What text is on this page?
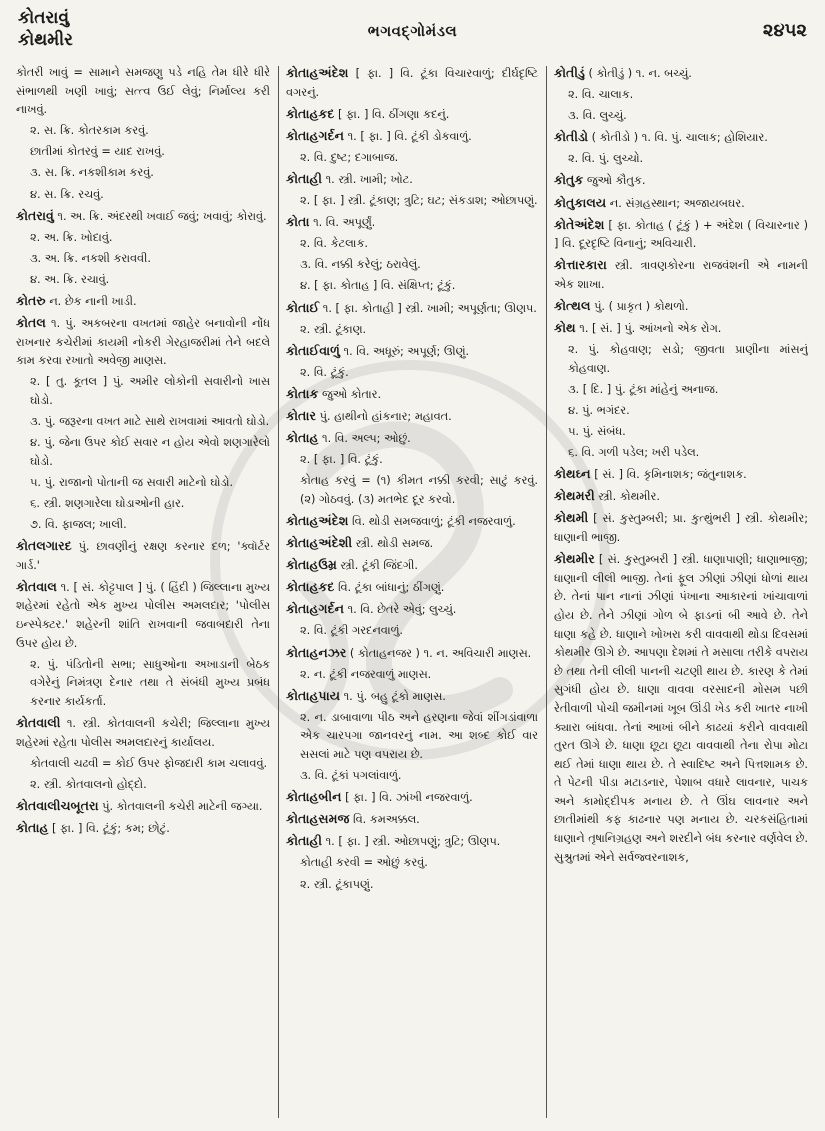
કોતરાવું
કોથમીર	ભગવદ્ગોમંડલ	૨૪૫૨
કોતરી ખાવું = સામાને સમજણુ પડે નહિ તેમ ધીરે ધીરે સંભાળથી ખણી ખાવું; સત્ત્વ ઉઈ લેવું; નિર્માલ્ય કરી નાખવું.
૨. સ. ક્રિ. કોતરકામ કરવું.
છાતીમાં કોતરવું = યાદ રાખવું.
૩. સ. ક્રિ. નકશીકામ કરવું.
૪. સ. ક્રિ. રચવું.
કોતરાવું ૧. અ. ક્રિ. અંદરથી ખવાઈ જવું; ખવાવું; કોરાવું.
૨. અ. ક્રિ. ખોદાવું.
૩. અ. ક્રિ. નકશી કરાવવી.
૪. અ. ક્રિ. રચાવું.
કોતરુ ન. છેક નાની ખાડી.
કોતલ ૧. પું. અકબરના વખતમાં જાહેર બનાવોની નોંધ રાખનાર કચેરીમાં કાયમી નોકરી ગેરહાજરીમાં તેને બદલે કામ કરવા રખાતો અવેજી માણસ.
૨. [ તુ. કૂતલ ] પું. અમીર લોકોની સવારીનો ખાસ ઘોડો.
૩. પું. જરૂરના વખત માટે સાથે રાખવામાં આવતો ઘોડો.
૪. પું. જેના ઉપર કોઈ સવાર ન હોય એવો શણગારેલો ઘોડો.
૫. પું. રાજાનો પોતાની જ સવારી માટેનો ઘોડો.
૬. સ્ત્રી. શણગારેલા ઘોડાઓની હાર.
૭. વિ. ફાજલ; ખાલી.
કોતલગારદ પું. છાવણીનું રક્ષણ કરનાર દળ; 'ક્વૉર્ટર ગાર્ડ.'
કોતવાલ ૧. [ સં. કોટ્ટપાલ ] પું. ( હિંદી ) જિલ્લાના મુખ્ય શહેરમાં રહેતો એક મુખ્ય પોલીસ અમલદાર; 'પોલીસ ઇન્સ્પેક્ટર.' શહેરની શાંતિ રાખવાની જવાબદારી તેના ઉપર હોય છે.
૨. પું. પંડિતોની સભા; સાધુઓના અખાડાની બેઠક વગેરેનું નિમંત્રણ દેનાર તથા તે સંબંધી મુખ્ય પ્રબંધ કરનાર કાર્યકર્તા.
કોતવાલી ૧. સ્ત્રી. કોતવાલની કચેરી; જિલ્લાના મુખ્ય શહેરમાં રહેતા પોલીસ અમલદારનું કાર્યાલય.
કોતવાલી ચઢવી = કોઈ ઉપર ફોજદારી કામ ચલાવવું.
૨. સ્ત્રી. કોતવાલનો હોદ્દો.
કોતવાલીચબૂતરા પું. કોતવાલની કચેરી માટેની જગ્યા.
કોતાહ [ ફા. ] વિ. ટૂંકું; કમ; છોટું.
કોતાહઅંદેશ [ ફા. ] વિ. ટૂંકા વિચારવાળું; દીર્ઘદૃષ્ટિ વગરનું.
કોતાહકદ [ ફા. ] વિ. ઠીંગણા કદનું.
કોતાહગર્દન ૧. [ ફા. ] વિ. ટૂંકી ડોકવાળું.
૨. વિ. દુષ્ટ; દગાબાજ.
કોતાહી ૧. સ્ત્રી. ખામી; ખોટ.
૨. [ ફા. ] સ્ત્રી. ટૂંકાણ; ત્રુટિ; ઘટ; સંકડાશ; ઓછાપણું.
કોતા ૧. વિ. અપૂર્ણું.
૨. વિ. કેટલાક.
૩. વિ. નક્કી કરેલું; ઠરાવેલું.
૪. [ ફા. કોતાહ ] વિ. સંક્ષિપ્ત; ટૂંકું.
કોતાઈ ૧. [ ફા. કોતાહી ] સ્ત્રી. ખામી; અપૂર્ણતા; ઊણપ.
૨. સ્ત્રી. ટૂંકાણ.
કોતાઈવાળું ૧. વિ. અધૂરું; અપૂર્ણ; ઊણું.
૨. વિ. ટૂંકું.
કોતાક જુઓ કોતાર.
કોતાર પું. હાથીનો હાંકનાર; મહાવત.
કોતાહ ૧. વિ. અલ્પ; ઓછું.
૨. [ ફા. ] વિ. ટૂંકું.
કોતાહ કરવું = (૧) કીમત નક્કી કરવી; સાટું કરવું. (૨) ગોઠવવું. (૩) મતભેદ દૂર કરવો.
કોતાહઅંદેશ વિ. થોડી સમજવાળું; ટૂંકી નજરવાળું.
કોતાહઅંદેશી સ્ત્રી. થોડી સમજ.
કોતાહઉમ્ર સ્ત્રી. ટૂંકી જિંદગી.
કોતાહકદ વિ. ટૂંકા બાંધાનું; ઠીંગણું.
કોતાહગર્દન ૧. વિ. છેતરે એવું; લુચ્ચું.
૨. વિ. ટૂંકી ગરદનવાળું.
કોતાહનઝર ( કોતાહનજર ) ૧. ન. અવિચારી માણસ.
૨. ન. ટૂંકી નજરવાળું માણસ.
કોતાહપાય ૧. પું. બહુ ટૂંકો માણસ.
૨. ન. ડાબાવાળા પીઠ અને હરણના જેવાં શીંગડાંવાળા એક ચારપગા જાનવરનું નામ. આ શબ્દ કોઈ વાર સસલાં માટે પણ વપરાય છે.
૩. વિ. ટૂંકાં પગલાંવાળું.
કોતાહબીન [ ફા. ] વિ. ઝાંખી નજરવાળું.
કોતાહસમજ વિ. કમઅક્કલ.
કોતાહી ૧. [ ફા. ] સ્ત્રી. ઓછાપણું; ત્રુટિ; ઊણપ.
કોતાહી કરવી = ઓછું કરવું.
૨. સ્ત્રી. ટૂંકાપણું.
કોતીડું ( કોતીડું ) ૧. ન. બચ્ચું.
૨. વિ. ચાલાક.
૩. વિ. લુચ્ચું.
કોતીડો ( કોતીડો ) ૧. વિ. પું. ચાલાક; હોશિયાર.
૨. વિ. પું. લુચ્ચો.
કોતુક જુઓ કૌતુક.
કોતુકાલય ન. સંગ્રહસ્થાન; અજાયબઘર.
કોતેઅંદેશ [ ફા. કોતાહ ( ટૂંકું ) + અંદેશ ( વિચારનાર ) ] વિ. દૂરદૃષ્ટિ વિનાનું; અવિચારી.
કોત્તારકારા સ્ત્રી. ત્રાવણકોરના રાજવંશની એ નામની એક શાખા.
કોત્થલ પું. ( પ્રાકૃત ) કોથળો.
કોથ ૧. [ સં. ] પું. આંખનો એક રોગ.
૨. પું. કોહવાણ; સડો; જીવતા પ્રાણીના માંસનું કોહવાણ.
૩. [ દિ. ] પું. ટૂંકા માંહેનું અનાજ.
૪. પું. ભગંદર.
૫. પું. સંબંધ.
૬. વિ. ગળી પડેલ; ખરી પડેલ.
કોથઘ્ન [ સં. ] વિ. કૃમિનાશક; જંતુનાશક.
કોથમરી સ્ત્રી. કોથમીર.
કોથમી [ સં. કુસ્તુમ્બરી; પ્રા. કુત્થુંભરી ] સ્ત્રી. કોથમીર; ધાણાની ભાજી.
કોથમીર [ સં. કુસ્તુમ્બરી ] સ્ત્રી. ધાણાપાણી; ધાણાભાજી; ધાણાની લીલી ભાજી. તેનાં ફૂલ ઝીણાં ઝીણાં ધોળાં થાય છે. તેનાં પાન નાનાં ઝીણાં પંખાના આકારનાં ખાંચાવાળાં હોય છે. તેને ઝીણાં ગોળ બે ફાડનાં બી આવે છે. તેને ધાણા કહે છે. ધાણાને ખોખરા કરી વાવવાથી થોડા દિવસમાં કોથમીર ઊગે છે. આપણા દેશમાં તે મસાલા તરીકે વપરાય છે તથા તેની લીલી પાનની ચટણી થાય છે. કારણ કે તેમાં સુગંધી હોય છે. ધાણા વાવવા વરસાદની મોસમ પછી રેતીવાળી પોચી જમીનમાં ખૂબ ઊંડી ખેડ કરી ખાતર નાખી ક્યારા બાંધવા. તેનાં આખાં બીને કાઢયાં કરીને વાવવાથી તુરત ઊગે છે. ધાણા છૂટા છૂટા વાવવાથી તેના રોપા મોટા થઈ તેમાં ધાણા થાય છે. તે સ્વાદિષ્ટ અને પિત્તશામક છે. તે પેટની પીડા મટાડનાર, પેશાબ વધારે લાવનાર, પાચક અને કામોદ્દીપક મનાય છે. તે ઊંઘ લાવનાર અને છાતીમાંથી કફ કાઢનાર પણ મનાય છે. ચરકસંહિતામાં ધાણાને તૃષાનિગ્રહણ અને શરદીને બંધ કરનાર વર્ણવેલ છે. સુશ્રુતમાં એને સર્વજ્વરનાશક,
